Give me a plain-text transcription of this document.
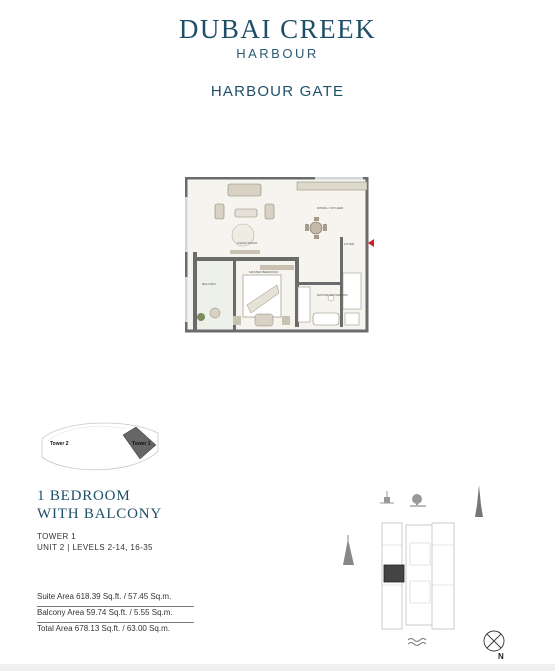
DUBAI CREEK
HARBOUR
HARBOUR GATE
LIVING ROOM
DINING / KITCHEN
MASTER BEDROOM
BALCONY
MASTER BATHROOM
FOYER
Tower 2	Tower 1
1 BEDROOM
WITH BALCONY
TOWER 1
UNIT 2 | LEVELS 2-14, 16-35
Suite Area 618.39 Sq.ft. / 57.45 Sq.m.
Balcony Area 59.74 Sq.ft. / 5.55 Sq.m.
Total Area 678.13 Sq.ft. / 63.00 Sq.m.
N
